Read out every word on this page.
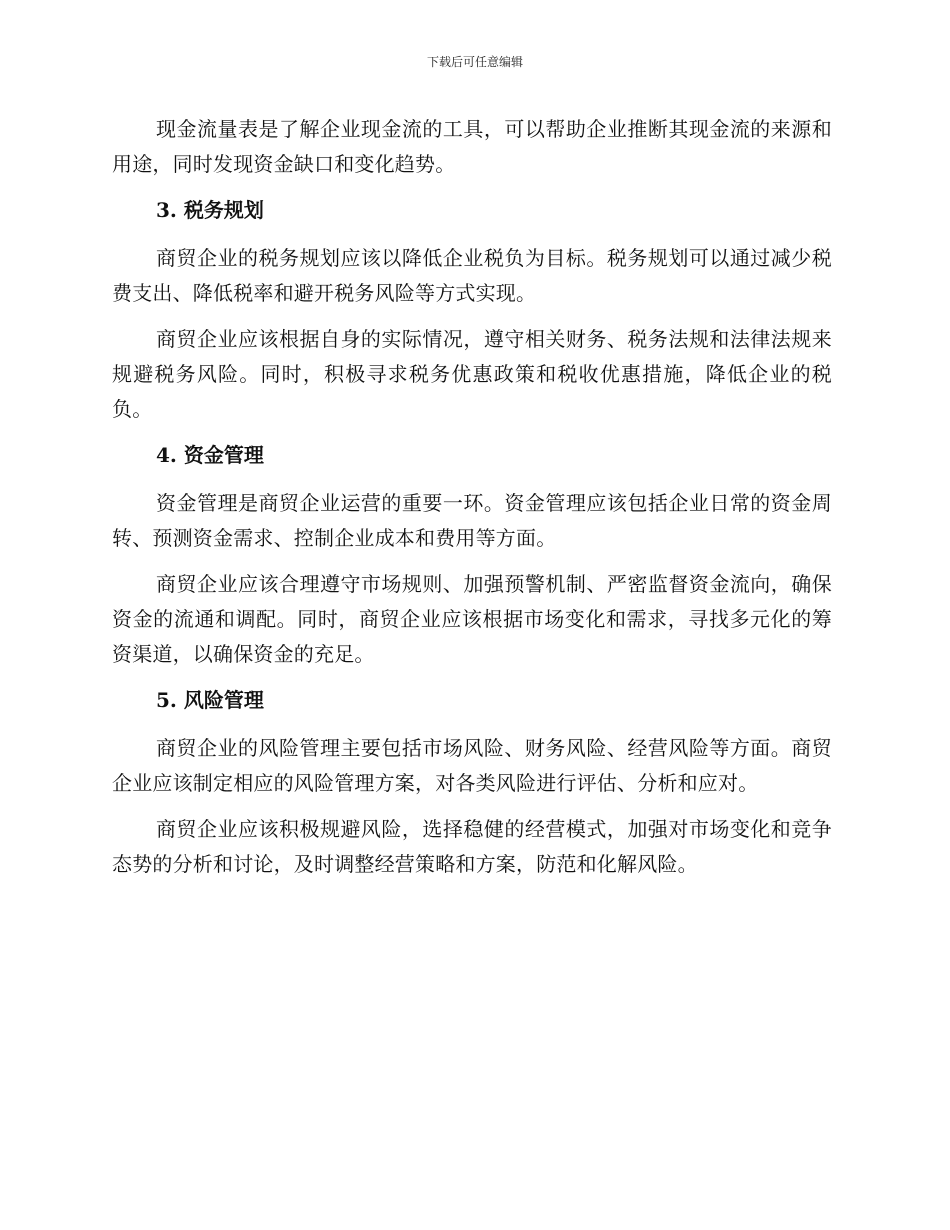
下载后可任意编辑

现金流量表是了解企业现金流的工具，可以帮助企业推断其现金流的来源和用途，同时发现资金缺口和变化趋势。

3. 税务规划

商贸企业的税务规划应该以降低企业税负为目标。税务规划可以通过减少税费支出、降低税率和避开税务风险等方式实现。

商贸企业应该根据自身的实际情况，遵守相关财务、税务法规和法律法规来规避税务风险。同时，积极寻求税务优惠政策和税收优惠措施，降低企业的税负。

4. 资金管理

资金管理是商贸企业运营的重要一环。资金管理应该包括企业日常的资金周转、预测资金需求、控制企业成本和费用等方面。

商贸企业应该合理遵守市场规则、加强预警机制、严密监督资金流向，确保资金的流通和调配。同时，商贸企业应该根据市场变化和需求，寻找多元化的筹资渠道，以确保资金的充足。

5. 风险管理

商贸企业的风险管理主要包括市场风险、财务风险、经营风险等方面。商贸企业应该制定相应的风险管理方案，对各类风险进行评估、分析和应对。

商贸企业应该积极规避风险，选择稳健的经营模式，加强对市场变化和竞争态势的分析和讨论，及时调整经营策略和方案，防范和化解风险。
